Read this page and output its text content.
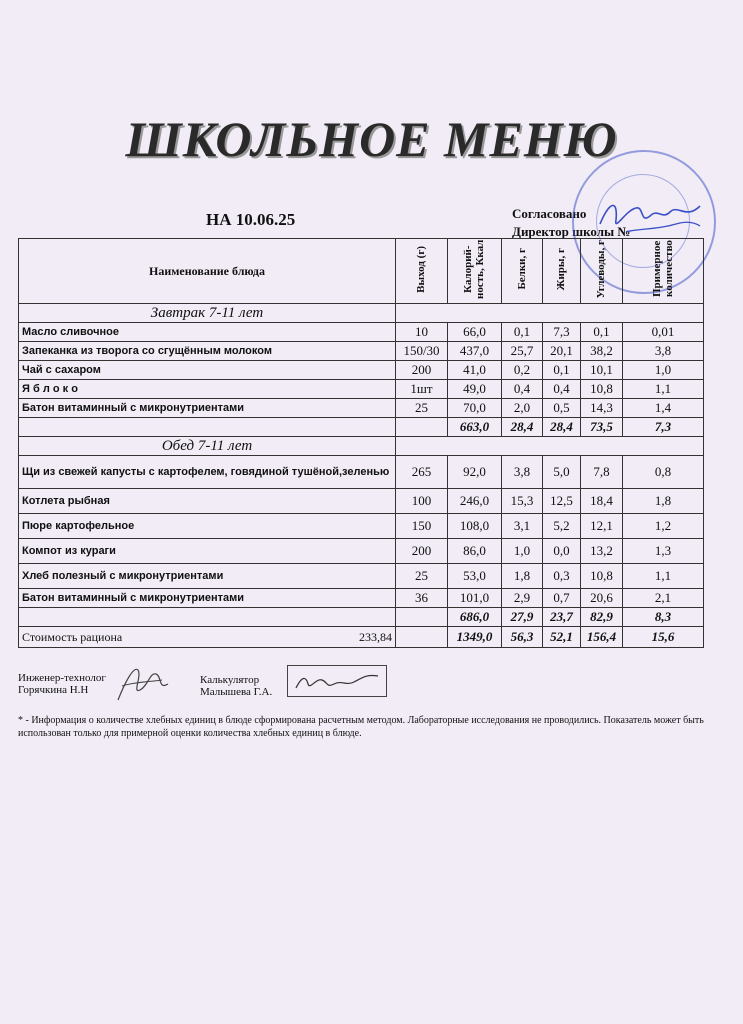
ШКОЛЬНОЕ МЕНЮ
НА 10.06.25	Согласовано
Директор школы №
Наименование блюда	Выход (г)	Калорий-ность, Ккал	Белки, г	Жиры, г	Углеводы, г	Примерное количество
Завтрак 7-11 лет						
Масло сливочное	10	66,0	0,1	7,3	0,1	0,01
Запеканка из творога со сгущённым молоком	150/30	437,0	25,7	20,1	38,2	3,8
Чай с сахаром	200	41,0	0,2	0,1	10,1	1,0
Я б л о к о	1шт	49,0	0,4	0,4	10,8	1,1
Батон витаминный с микронутриентами	25	70,0	2,0	0,5	14,3	1,4
		663,0	28,4	28,4	73,5	7,3
Обед 7-11 лет						
Щи из свежей капусты с картофелем, говядиной тушёной,зеленью	265	92,0	3,8	5,0	7,8	0,8
Котлета рыбная	100	246,0	15,3	12,5	18,4	1,8
Пюре картофельное	150	108,0	3,1	5,2	12,1	1,2
Компот из кураги	200	86,0	1,0	0,0	13,2	1,3
Хлеб полезный с микронутриентами	25	53,0	1,8	0,3	10,8	1,1
Батон витаминный с микронутриентами	36	101,0	2,9	0,7	20,6	2,1
		686,0	27,9	23,7	82,9	8,3

Стоимость рациона 233,84		1349,0	56,3	52,1	156,4	15,6
Инженер-технолог
Горячкина Н.Н
Калькулятор
Малышева Г.А.
* - Информация о количестве хлебных единиц в блюде сформирована расчетным методом. Лабораторные исследования не проводились. Показатель может быть использован только для примерной оценки количества хлебных единиц в блюде.
